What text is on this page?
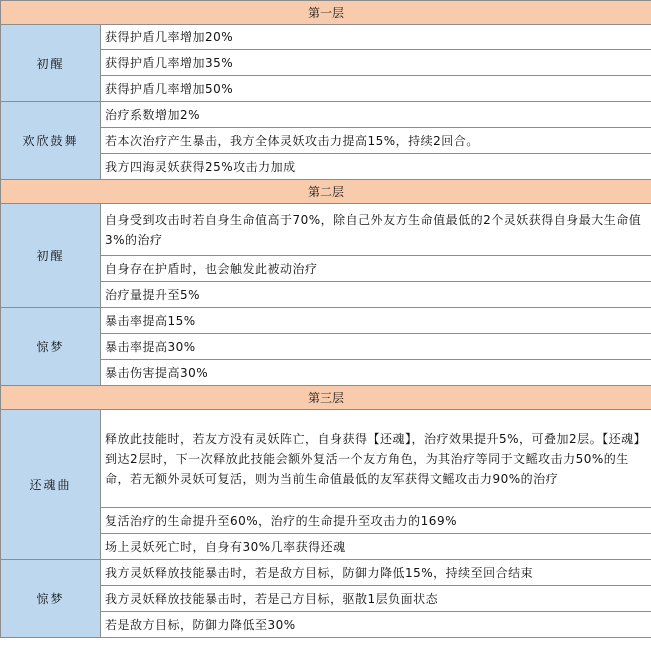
第一层	
初醒	获得护盾几率增加20%
	获得护盾几率增加35%
	获得护盾几率增加50%
欢欣鼓舞	治疗系数增加2%
	若本次治疗产生暴击，我方全体灵妖攻击力提高15%，持续2回合。
	我方四海灵妖获得25%攻击力加成
第二层	
初醒	自身受到攻击时若自身生命值高于70%，除自己外友方生命值最低的2个灵妖获得自身最大生命值3%的治疗
	自身存在护盾时，也会触发此被动治疗
	治疗量提升至5%
惊梦	暴击率提高15%
	暴击率提高30%
	暴击伤害提高30%
第三层	
还魂曲	释放此技能时，若友方没有灵妖阵亡，自身获得【还魂】，治疗效果提升5%，可叠加2层。【还魂】到达2层时，下一次释放此技能会额外复活一个友方角色，为其治疗等同于文鳐攻击力50%的生命，若无额外灵妖可复活，则为当前生命值最低的友军获得文鳐攻击力90%的治疗
	复活治疗的生命提升至60%，治疗的生命提升至攻击力的169%
	场上灵妖死亡时，自身有30%几率获得还魂
惊梦	我方灵妖释放技能暴击时，若是敌方目标，防御力降低15%，持续至回合结束
	我方灵妖释放技能暴击时，若是己方目标，驱散1层负面状态
	若是敌方目标，防御力降低至30%
